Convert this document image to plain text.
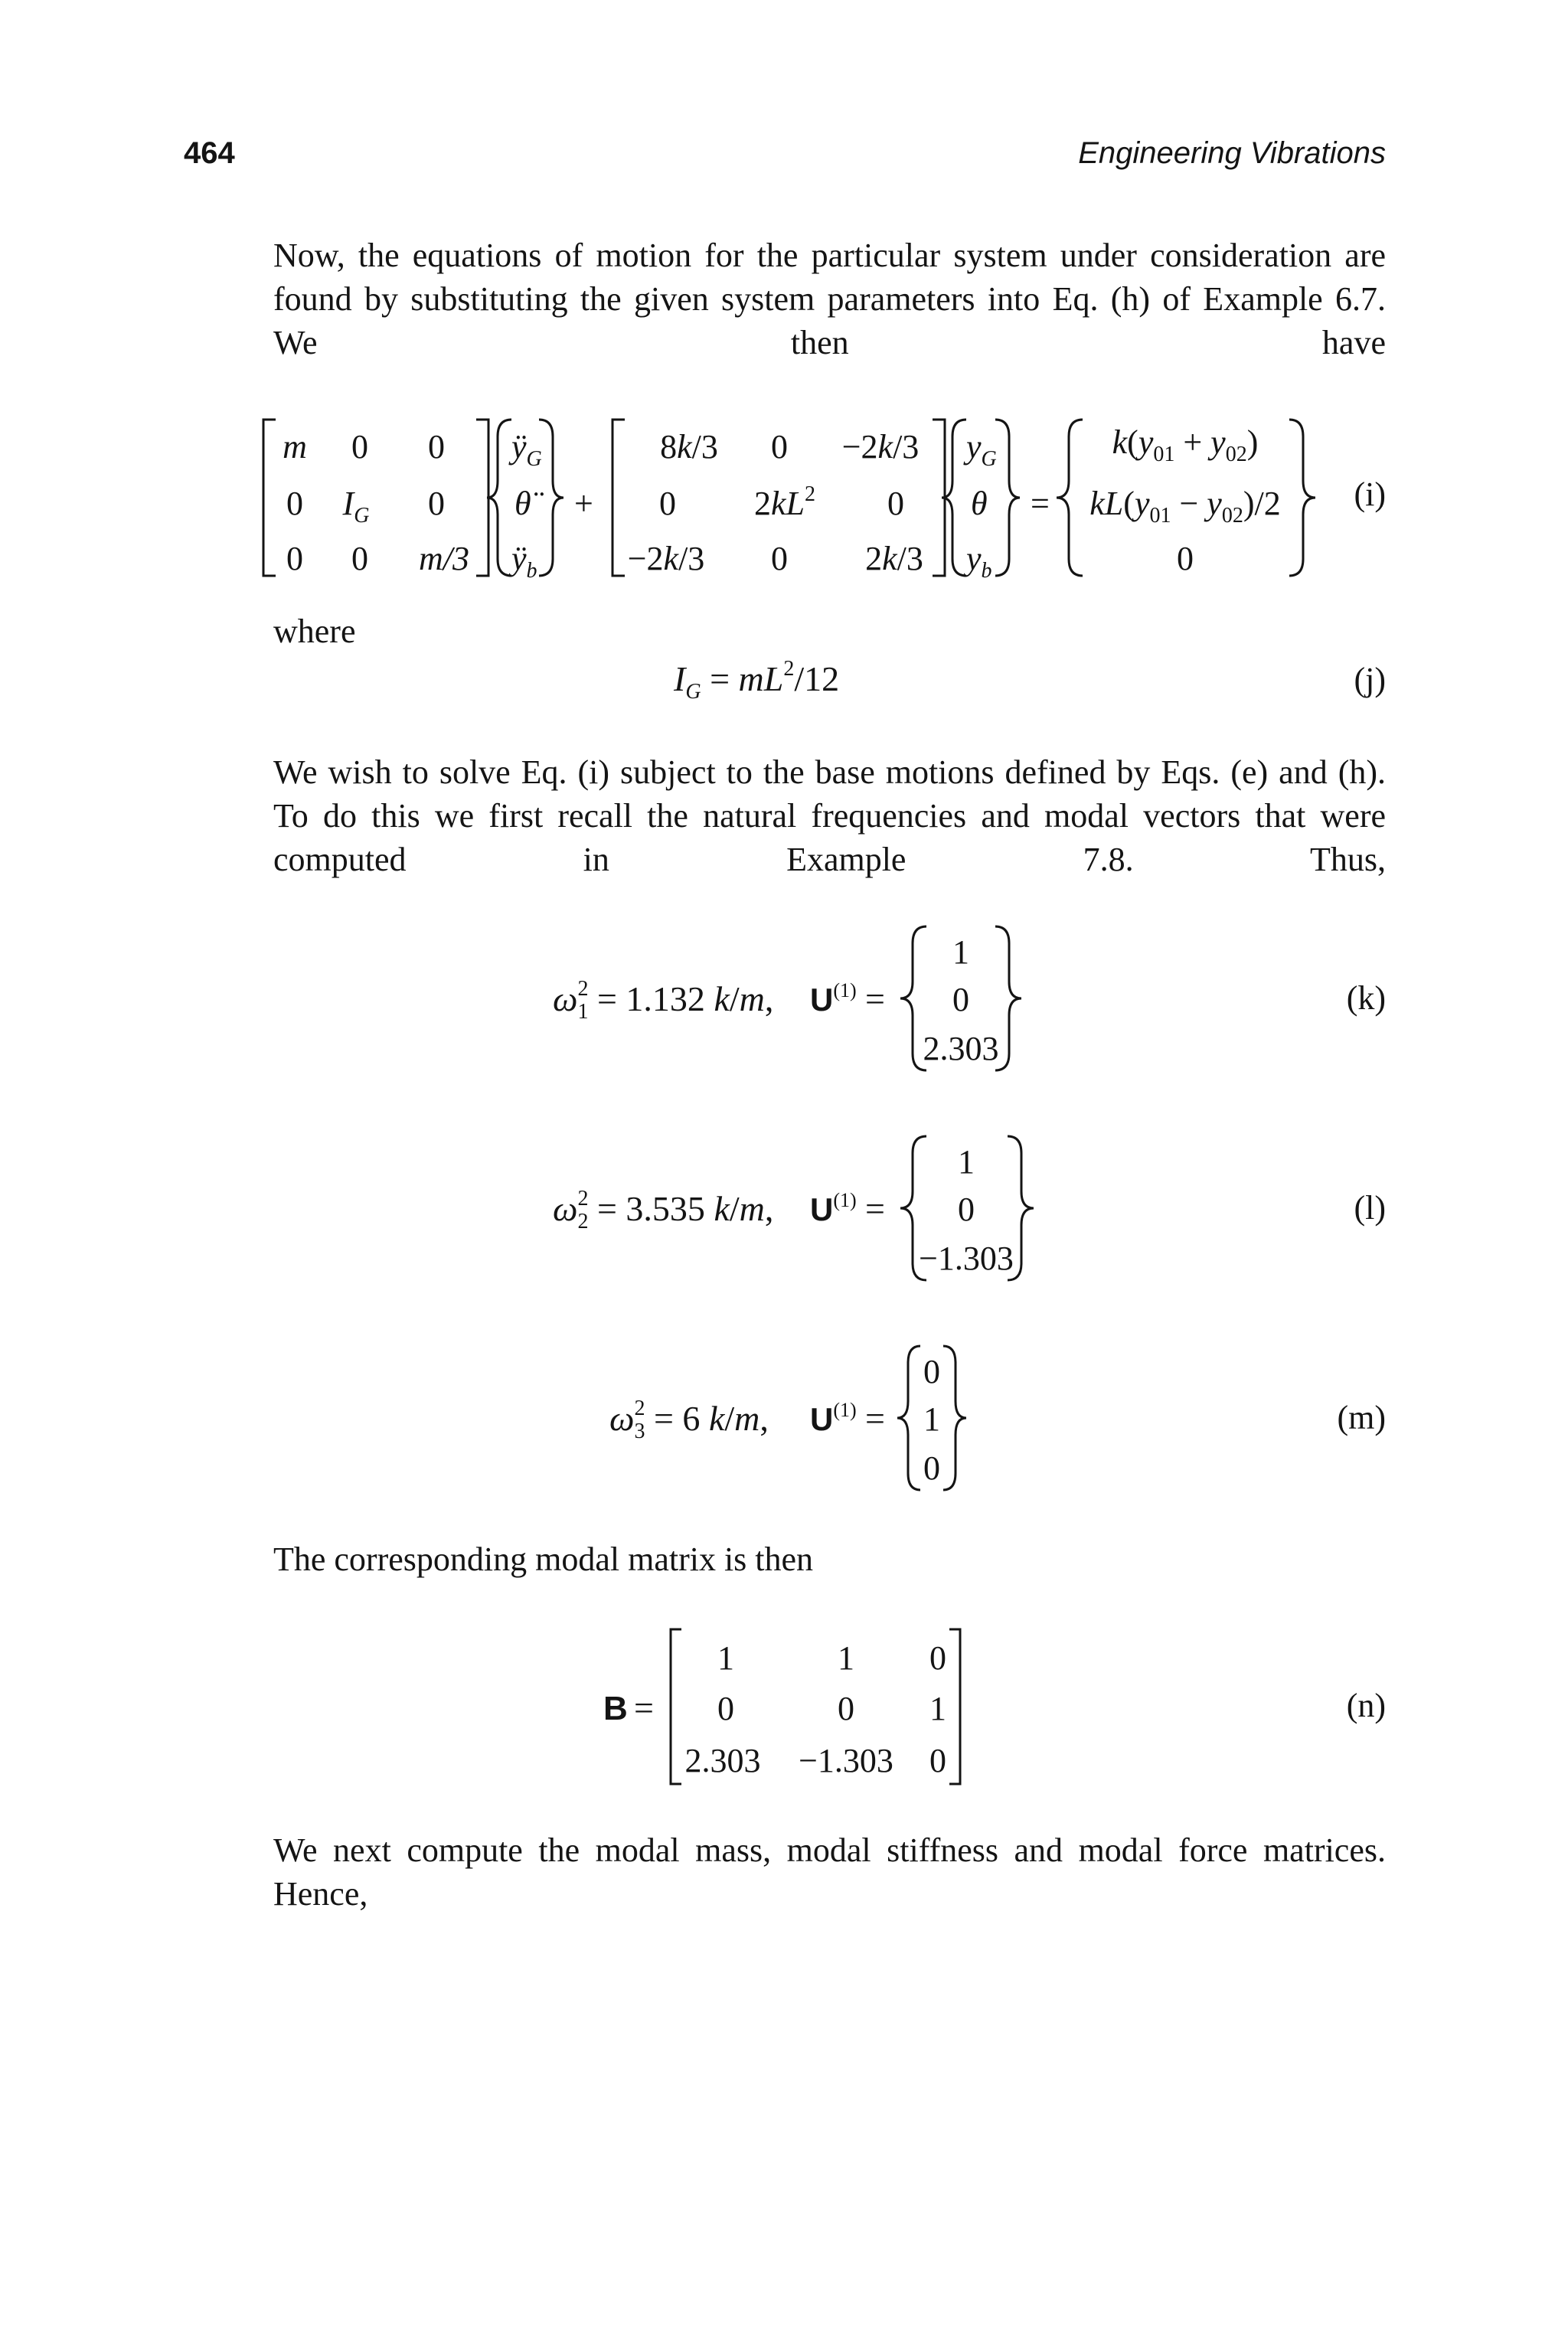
464	Engineering Vibrations
Now, the equations of motion for the particular system under consideration are found by substituting the given system parameters into Eq. (h) of Example 6.7. We then have
m 0 0
0 $I_G$ 0
0 0 m/3
$ÿ_G$
θ̈
$ÿ_b$
+
8k/3 0 −2k/3
0 $2kL^2$ 0
−2k/3 0 2k/3
$y_G$
θ
$y_b$
=
$k(y_{01} + y_{02})$
$kL(y_{01} - y_{02})/2$
0
(i)
where
$I_G = mL^2/12$	(j)
We wish to solve Eq. (i) subject to the base motions defined by Eqs. (e) and (h). To do this we first recall the natural frequencies and modal vectors that were computed in Example 7.8. Thus,
$\omega_12 = 1.132$ k/m, $U^{(1)}$ =
1
0
2.303
(k)
$\omega_22 = 3.535$ k/m, $U^{(1)}$ =
1
0
−1.303
(l)
$\omega_32 = 6$ k/m, $U^{(1)}$ =
0
1
0
(m)
The corresponding modal matrix is then
B =
1	1 0
0	0 1
2.303 −1.303 0
(n)
We next compute the modal mass, modal stiffness and modal force matrices. Hence,
